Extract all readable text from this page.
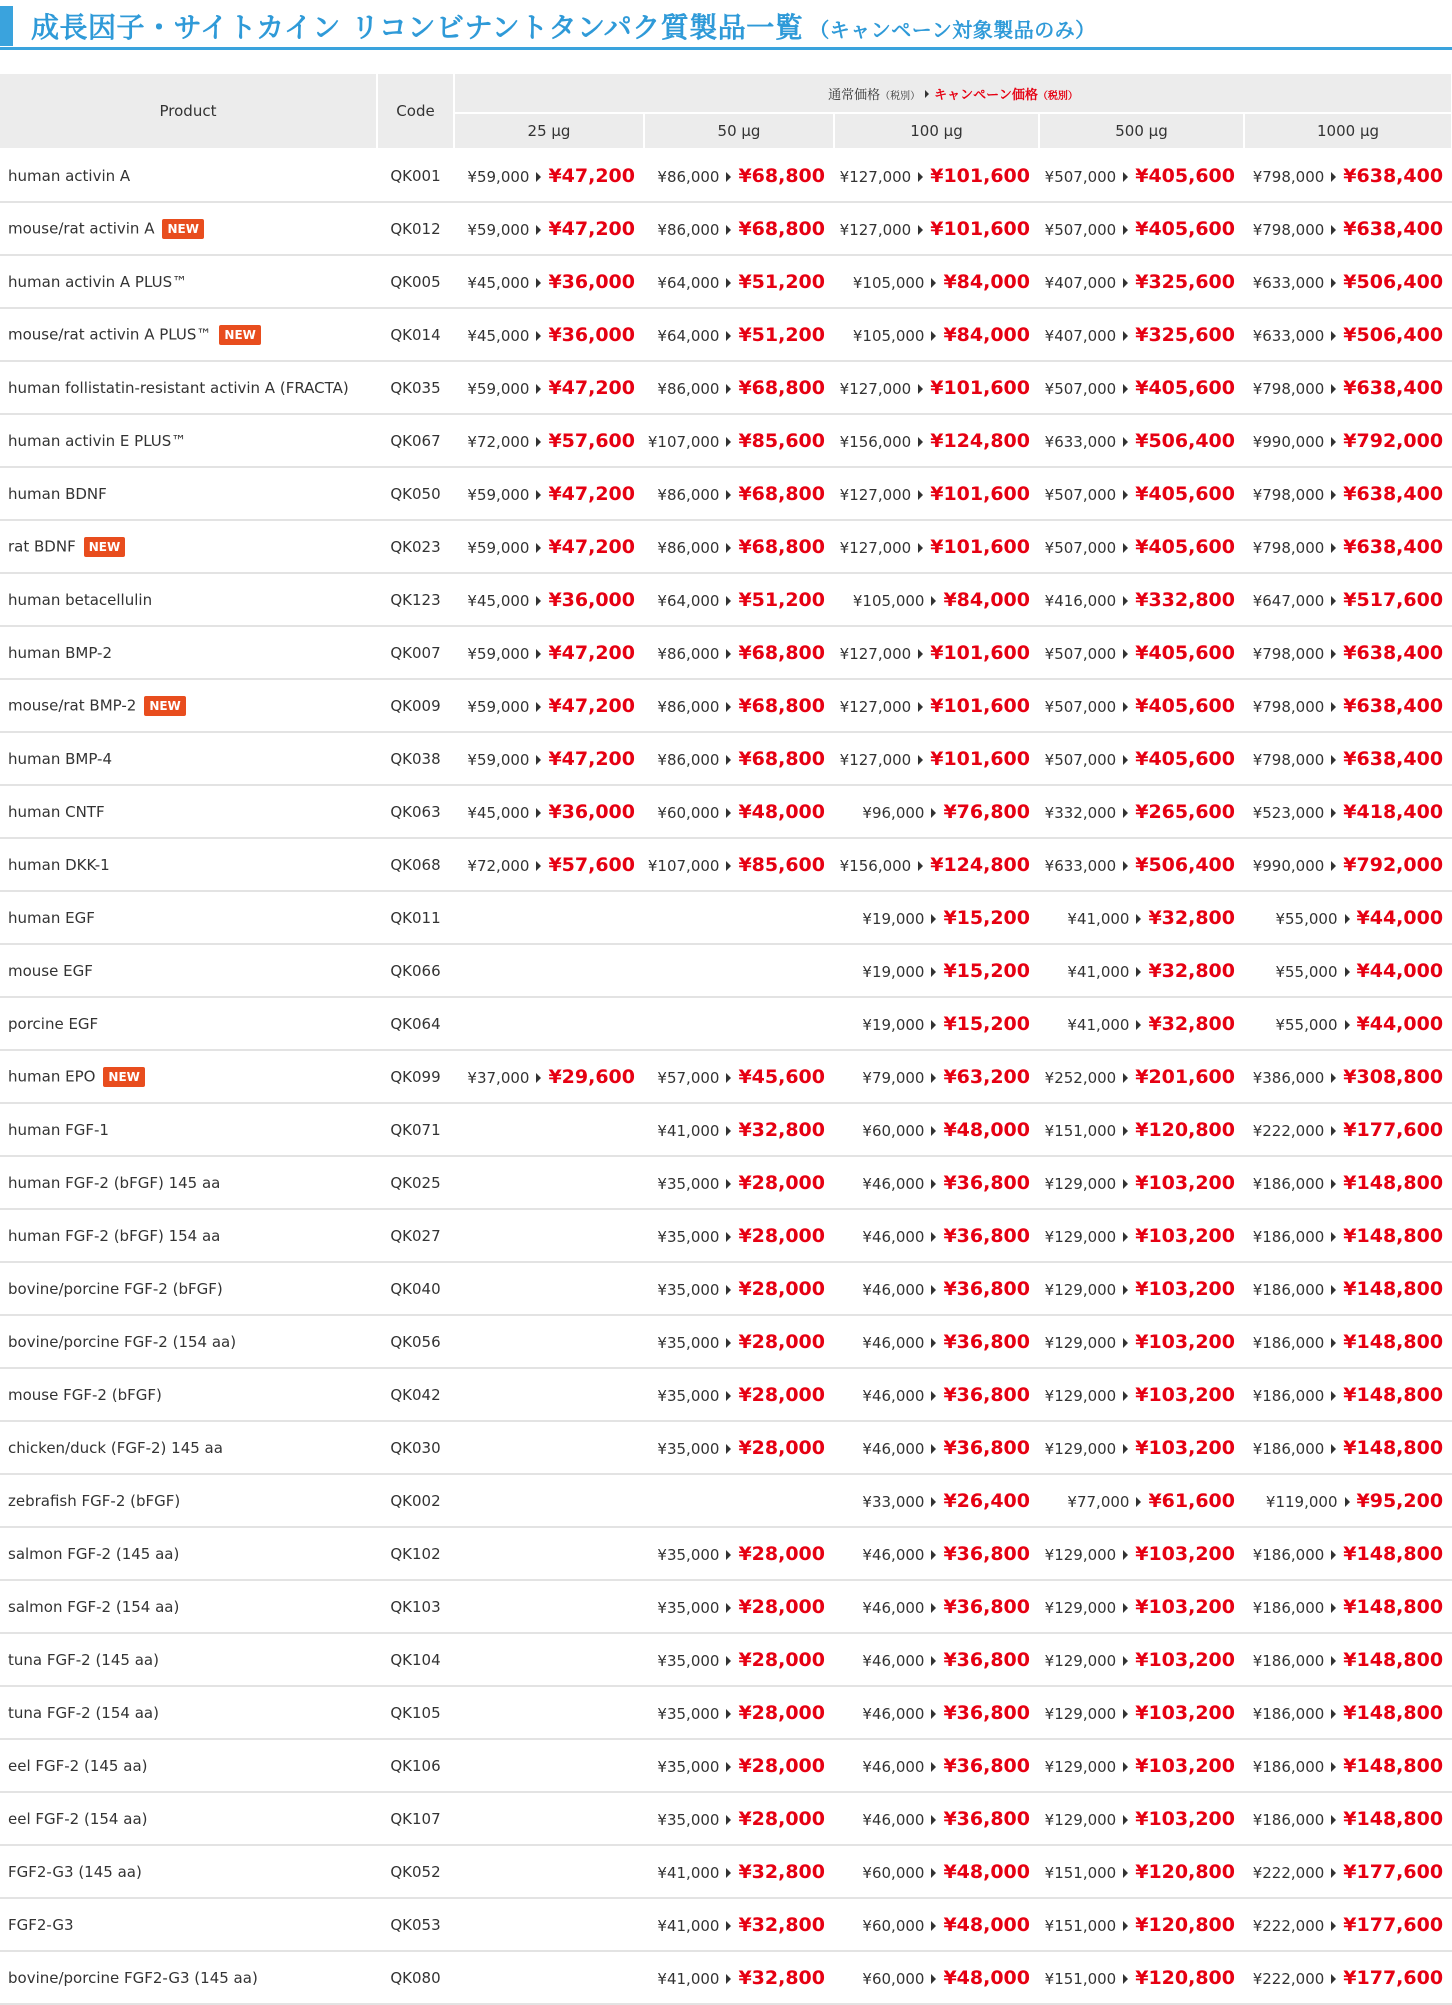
成長因子・サイトカイン リコンビナントタンパク質製品一覧 （キャンペーン対象製品のみ）
Product	Code	通常価格（税別） キャンペーン価格（税別）				
		25 µg	50 µg	100 µg	500 µg	1000 µg
human activin A	QK001	¥59,000 ¥47,200	¥86,000 ¥68,800	¥127,000 ¥101,600	¥507,000 ¥405,600	¥798,000 ¥638,400
mouse/rat activin A NEW	QK012	¥59,000 ¥47,200	¥86,000 ¥68,800	¥127,000 ¥101,600	¥507,000 ¥405,600	¥798,000 ¥638,400
human activin A PLUS™	QK005	¥45,000 ¥36,000	¥64,000 ¥51,200	¥105,000 ¥84,000	¥407,000 ¥325,600	¥633,000 ¥506,400
mouse/rat activin A PLUS™ NEW	QK014	¥45,000 ¥36,000	¥64,000 ¥51,200	¥105,000 ¥84,000	¥407,000 ¥325,600	¥633,000 ¥506,400
human follistatin-resistant activin A (FRACTA)	QK035	¥59,000 ¥47,200	¥86,000 ¥68,800	¥127,000 ¥101,600	¥507,000 ¥405,600	¥798,000 ¥638,400
human activin E PLUS™	QK067	¥72,000 ¥57,600	¥107,000 ¥85,600	¥156,000 ¥124,800	¥633,000 ¥506,400	¥990,000 ¥792,000
human BDNF	QK050	¥59,000 ¥47,200	¥86,000 ¥68,800	¥127,000 ¥101,600	¥507,000 ¥405,600	¥798,000 ¥638,400
rat BDNF NEW	QK023	¥59,000 ¥47,200	¥86,000 ¥68,800	¥127,000 ¥101,600	¥507,000 ¥405,600	¥798,000 ¥638,400
human betacellulin	QK123	¥45,000 ¥36,000	¥64,000 ¥51,200	¥105,000 ¥84,000	¥416,000 ¥332,800	¥647,000 ¥517,600
human BMP-2	QK007	¥59,000 ¥47,200	¥86,000 ¥68,800	¥127,000 ¥101,600	¥507,000 ¥405,600	¥798,000 ¥638,400
mouse/rat BMP-2 NEW	QK009	¥59,000 ¥47,200	¥86,000 ¥68,800	¥127,000 ¥101,600	¥507,000 ¥405,600	¥798,000 ¥638,400
human BMP-4	QK038	¥59,000 ¥47,200	¥86,000 ¥68,800	¥127,000 ¥101,600	¥507,000 ¥405,600	¥798,000 ¥638,400
human CNTF	QK063	¥45,000 ¥36,000	¥60,000 ¥48,000	¥96,000 ¥76,800	¥332,000 ¥265,600	¥523,000 ¥418,400
human DKK-1	QK068	¥72,000 ¥57,600	¥107,000 ¥85,600	¥156,000 ¥124,800	¥633,000 ¥506,400	¥990,000 ¥792,000
human EGF	QK011			¥19,000 ¥15,200	¥41,000 ¥32,800	¥55,000 ¥44,000
mouse EGF	QK066			¥19,000 ¥15,200	¥41,000 ¥32,800	¥55,000 ¥44,000
porcine EGF	QK064			¥19,000 ¥15,200	¥41,000 ¥32,800	¥55,000 ¥44,000
human EPO NEW	QK099	¥37,000 ¥29,600	¥57,000 ¥45,600	¥79,000 ¥63,200	¥252,000 ¥201,600	¥386,000 ¥308,800
human FGF-1	QK071		¥41,000 ¥32,800	¥60,000 ¥48,000	¥151,000 ¥120,800	¥222,000 ¥177,600
human FGF-2 (bFGF) 145 aa	QK025		¥35,000 ¥28,000	¥46,000 ¥36,800	¥129,000 ¥103,200	¥186,000 ¥148,800
human FGF-2 (bFGF) 154 aa	QK027		¥35,000 ¥28,000	¥46,000 ¥36,800	¥129,000 ¥103,200	¥186,000 ¥148,800
bovine/porcine FGF-2 (bFGF)	QK040		¥35,000 ¥28,000	¥46,000 ¥36,800	¥129,000 ¥103,200	¥186,000 ¥148,800
bovine/porcine FGF-2 (154 aa)	QK056		¥35,000 ¥28,000	¥46,000 ¥36,800	¥129,000 ¥103,200	¥186,000 ¥148,800
mouse FGF-2 (bFGF)	QK042		¥35,000 ¥28,000	¥46,000 ¥36,800	¥129,000 ¥103,200	¥186,000 ¥148,800
chicken/duck (FGF-2) 145 aa	QK030		¥35,000 ¥28,000	¥46,000 ¥36,800	¥129,000 ¥103,200	¥186,000 ¥148,800
zebrafish FGF-2 (bFGF)	QK002			¥33,000 ¥26,400	¥77,000 ¥61,600	¥119,000 ¥95,200
salmon FGF-2 (145 aa)	QK102		¥35,000 ¥28,000	¥46,000 ¥36,800	¥129,000 ¥103,200	¥186,000 ¥148,800
salmon FGF-2 (154 aa)	QK103		¥35,000 ¥28,000	¥46,000 ¥36,800	¥129,000 ¥103,200	¥186,000 ¥148,800
tuna FGF-2 (145 aa)	QK104		¥35,000 ¥28,000	¥46,000 ¥36,800	¥129,000 ¥103,200	¥186,000 ¥148,800
tuna FGF-2 (154 aa)	QK105		¥35,000 ¥28,000	¥46,000 ¥36,800	¥129,000 ¥103,200	¥186,000 ¥148,800
eel FGF-2 (145 aa)	QK106		¥35,000 ¥28,000	¥46,000 ¥36,800	¥129,000 ¥103,200	¥186,000 ¥148,800
eel FGF-2 (154 aa)	QK107		¥35,000 ¥28,000	¥46,000 ¥36,800	¥129,000 ¥103,200	¥186,000 ¥148,800
FGF2-G3 (145 aa)	QK052		¥41,000 ¥32,800	¥60,000 ¥48,000	¥151,000 ¥120,800	¥222,000 ¥177,600
FGF2-G3	QK053		¥41,000 ¥32,800	¥60,000 ¥48,000	¥151,000 ¥120,800	¥222,000 ¥177,600
bovine/porcine FGF2-G3 (145 aa)	QK080		¥41,000 ¥32,800	¥60,000 ¥48,000	¥151,000 ¥120,800	¥222,000 ¥177,600
